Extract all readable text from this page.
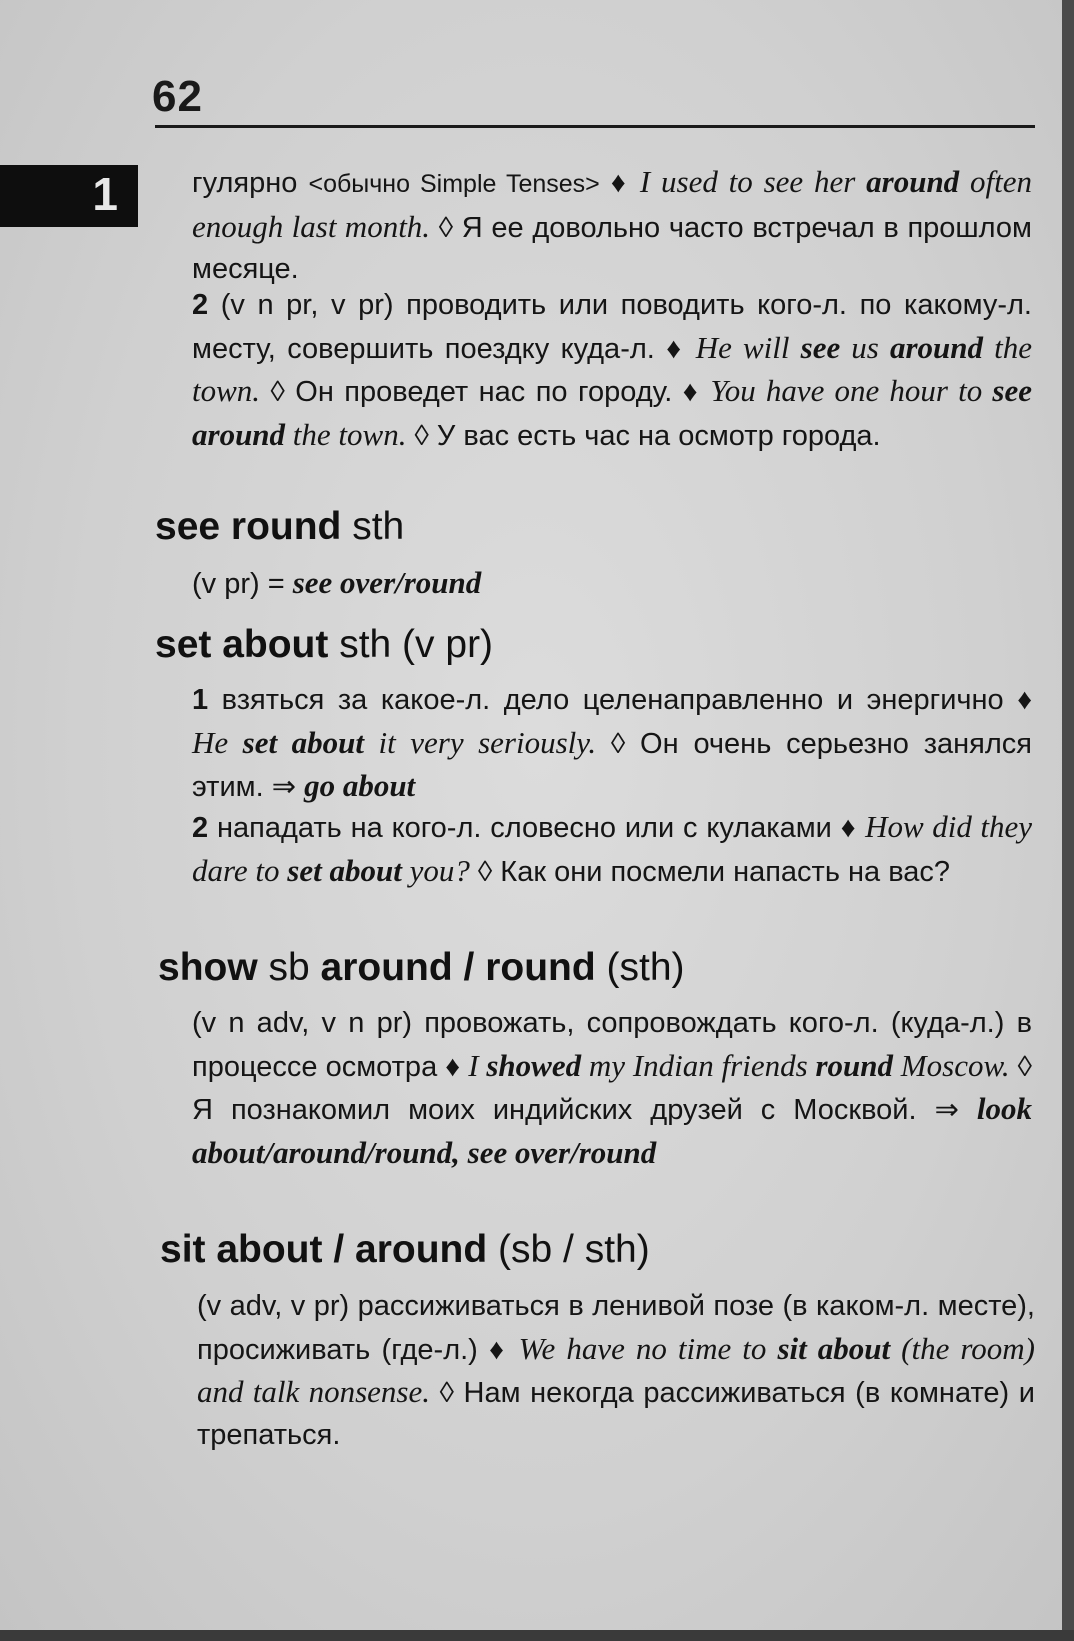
62
1	гулярно <обычно Simple Tenses> ♦ I used to see her around often enough last month. ◊ Я ее довольно часто встречал в прошлом месяце.

2 (v n pr, v pr) проводить или поводить кого-л. по какому-л. месту, совершить поездку куда-л. ♦ He will see us around the town. ◊ Он проведет нас по городу. ♦ You have one hour to see around the town. ◊ У вас есть час на осмотр города.

see round sth

(v pr) = see over/round

set about sth (v pr)

1 взяться за какое-л. дело целенаправленно и энергично ♦ He set about it very seriously. ◊ Он очень серьезно занялся этим. ⇒ go about

2 нападать на кого-л. словесно или с кулаками ♦ How did they dare to set about you? ◊ Как они посмели напасть на вас?

show sb around / round (sth)

(v n adv, v n pr) провожать, сопровождать кого-л. (куда-л.) в процессе осмотра ♦ I showed my Indian friends round Moscow. ◊ Я познакомил моих индийских друзей с Москвой. ⇒ look about/around/round, see over/round

sit about / around (sb / sth)

(v adv, v pr) рассиживаться в ленивой позе (в каком-л. месте), просиживать (где-л.) ♦ We have no time to sit about (the room) and talk nonsense. ◊ Нам некогда рассиживаться (в комнате) и трепаться.
